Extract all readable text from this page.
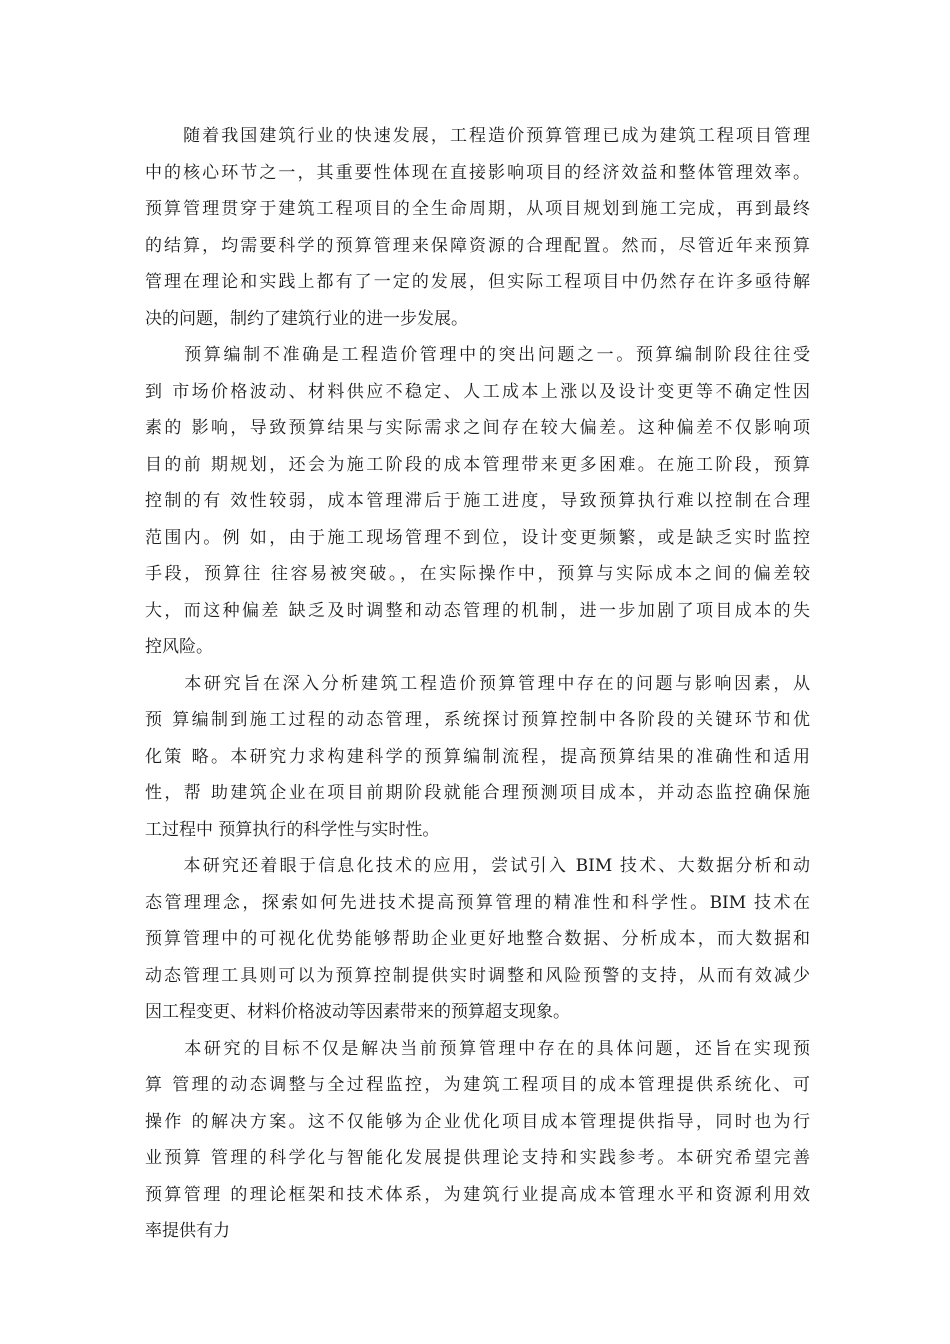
　　随着我国建筑行业的快速发展，工程造价预算管理已成为建筑工程项目管理
中的核心环节之一，其重要性体现在直接影响项目的经济效益和整体管理效率。
预算管理贯穿于建筑工程项目的全生命周期，从项目规划到施工完成，再到最终
的结算，均需要科学的预算管理来保障资源的合理配置。然而，尽管近年来预算
管理在理论和实践上都有了一定的发展，但实际工程项目中仍然存在许多亟待解
决的问题，制约了建筑行业的进一步发展。
　　预算编制不准确是工程造价管理中的突出问题之一。预算编制阶段往往受
到 市场价格波动、材料供应不稳定、人工成本上涨以及设计变更等不确定性因
素的 影响，导致预算结果与实际需求之间存在较大偏差。这种偏差不仅影响项
目的前 期规划，还会为施工阶段的成本管理带来更多困难。在施工阶段，预算
控制的有 效性较弱，成本管理滞后于施工进度，导致预算执行难以控制在合理
范围内。例 如，由于施工现场管理不到位，设计变更频繁，或是缺乏实时监控
手段，预算往 往容易被突破。，在实际操作中，预算与实际成本之间的偏差较
大，而这种偏差 缺乏及时调整和动态管理的机制，进一步加剧了项目成本的失
控风险。
　　本研究旨在深入分析建筑工程造价预算管理中存在的问题与影响因素，从
预 算编制到施工过程的动态管理，系统探讨预算控制中各阶段的关键环节和优
化策 略。本研究力求构建科学的预算编制流程，提高预算结果的准确性和适用
性，帮 助建筑企业在项目前期阶段就能合理预测项目成本，并动态监控确保施
工过程中 预算执行的科学性与实时性。
　　本研究还着眼于信息化技术的应用，尝试引入 BIM 技术、大数据分析和动
态管理理念，探索如何先进技术提高预算管理的精准性和科学性。BIM 技术在
预算管理中的可视化优势能够帮助企业更好地整合数据、分析成本，而大数据和
动态管理工具则可以为预算控制提供实时调整和风险预警的支持，从而有效减少
因工程变更、材料价格波动等因素带来的预算超支现象。
　　本研究的目标不仅是解决当前预算管理中存在的具体问题，还旨在实现预
算 管理的动态调整与全过程监控，为建筑工程项目的成本管理提供系统化、可
操作 的解决方案。这不仅能够为企业优化项目成本管理提供指导，同时也为行
业预算 管理的科学化与智能化发展提供理论支持和实践参考。本研究希望完善
预算管理 的理论框架和技术体系，为建筑行业提高成本管理水平和资源利用效
率提供有力
